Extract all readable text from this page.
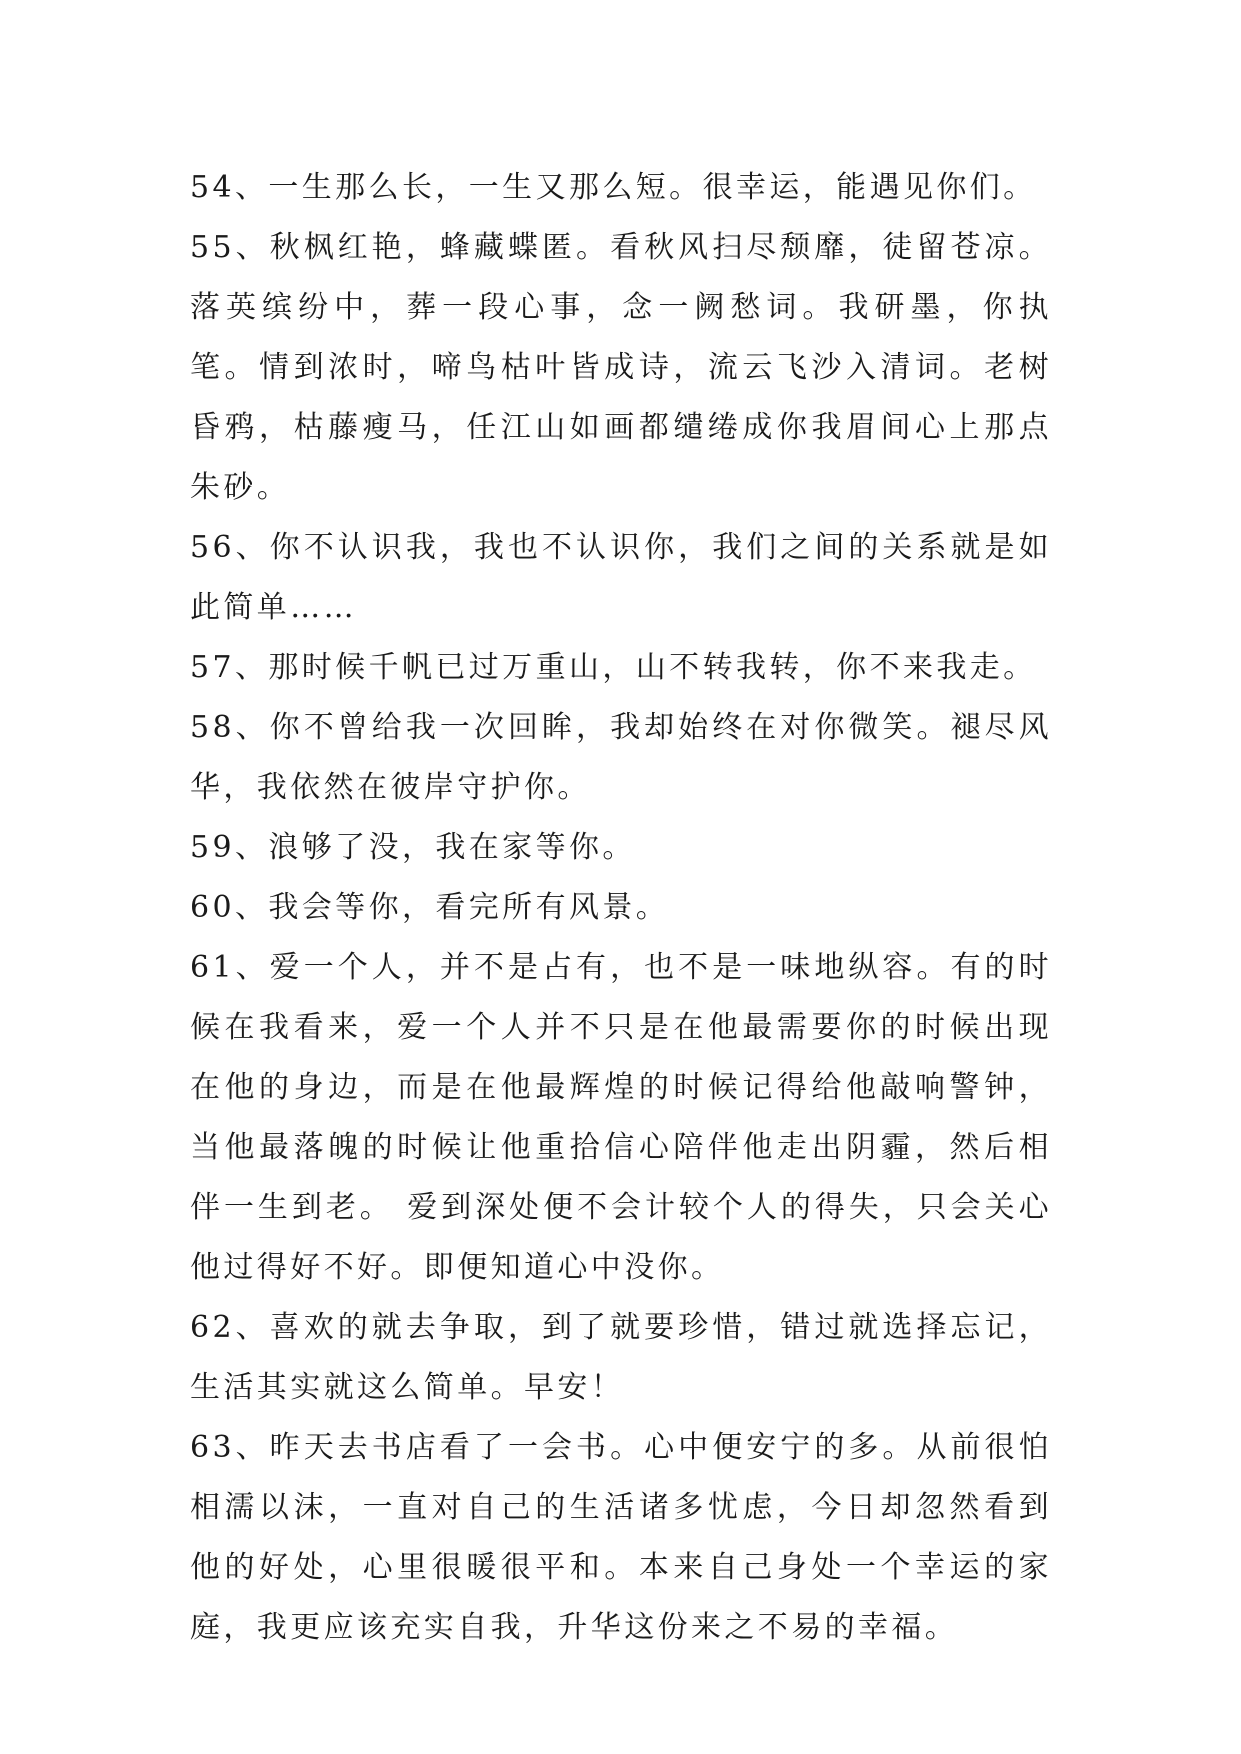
54、一生那么长，一生又那么短。很幸运，能遇见你们。

55、秋枫红艳，蜂藏蝶匿。看秋风扫尽颓靡，徒留苍凉。落英缤纷中，葬一段心事，念一阙愁词。我研墨，你执笔。情到浓时，啼鸟枯叶皆成诗，流云飞沙入清词。老树昏鸦，枯藤瘦马，任江山如画都缱绻成你我眉间心上那点朱砂。

56、你不认识我，我也不认识你，我们之间的关系就是如此简单……

57、那时候千帆已过万重山，山不转我转，你不来我走。

58、你不曾给我一次回眸，我却始终在对你微笑。褪尽风华，我依然在彼岸守护你。

59、浪够了没，我在家等你。

60、我会等你，看完所有风景。

61、爱一个人，并不是占有，也不是一味地纵容。有的时候在我看来，爱一个人并不只是在他最需要你的时候出现在他的身边，而是在他最辉煌的时候记得给他敲响警钟，当他最落魄的时候让他重拾信心陪伴他走出阴霾，然后相伴一生到老。 爱到深处便不会计较个人的得失，只会关心他过得好不好。即便知道心中没你。

62、喜欢的就去争取，到了就要珍惜，错过就选择忘记，生活其实就这么简单。早安！

63、昨天去书店看了一会书。心中便安宁的多。从前很怕相濡以沫，一直对自己的生活诸多忧虑，今日却忽然看到他的好处，心里很暖很平和。本来自己身处一个幸运的家庭，我更应该充实自我，升华这份来之不易的幸福。
